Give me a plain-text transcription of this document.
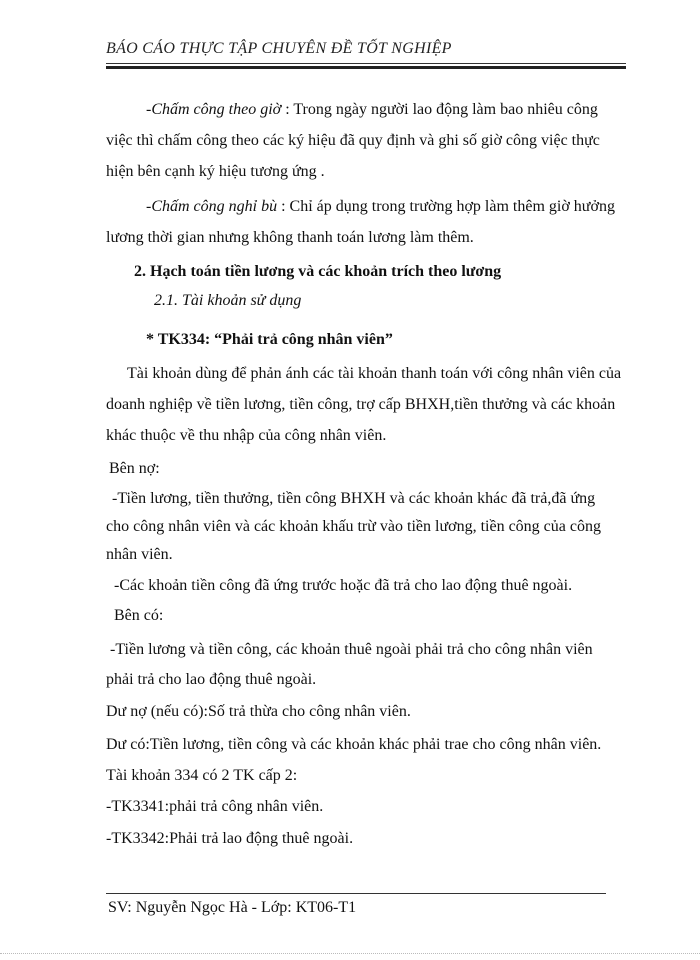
BÁO CÁO THỰC TẬP CHUYÊN ĐỀ TỐT NGHIỆP
-Chấm công theo giờ : Trong ngày người lao động làm bao nhiêu công
việc thì chấm công theo các ký hiệu đã quy định và ghi số giờ công việc thực
hiện bên cạnh ký hiệu tương ứng .
-Chấm công nghỉ bù : Chỉ áp dụng trong trường hợp làm thêm giờ hưởng
lương thời gian nhưng không thanh toán lương làm thêm.
2. Hạch toán tiền lương và các khoản trích theo lương
2.1. Tài khoản sử dụng
* TK334: “Phải trả công nhân viên”
Tài khoản dùng để phản ánh các tài khoản thanh toán với công nhân viên của
doanh nghiệp về tiền lương, tiền công, trợ cấp BHXH,tiền thưởng và các khoản
khác thuộc về thu nhập của công nhân viên.
Bên nợ:
-Tiền lương, tiền thưởng, tiền công BHXH và các khoản khác đã trả,đã ứng
cho công nhân viên và các khoản khấu trừ vào tiền lương, tiền công của công
nhân viên.
-Các khoản tiền công đã ứng trước hoặc đã trả cho lao động thuê ngoài.
Bên có:
-Tiền lương và tiền công, các khoản thuê ngoài phải trả cho công nhân viên
phải trả cho lao động thuê ngoài.
Dư nợ (nếu có):Số trả thừa cho công nhân viên.
Dư có:Tiền lương, tiền công và các khoản khác phải trae cho công nhân viên.
Tài khoản 334 có 2 TK cấp 2:
-TK3341:phải trả công nhân viên.
-TK3342:Phải trả lao động thuê ngoài.
SV: Nguyễn Ngọc Hà - Lớp: KT06-T1
